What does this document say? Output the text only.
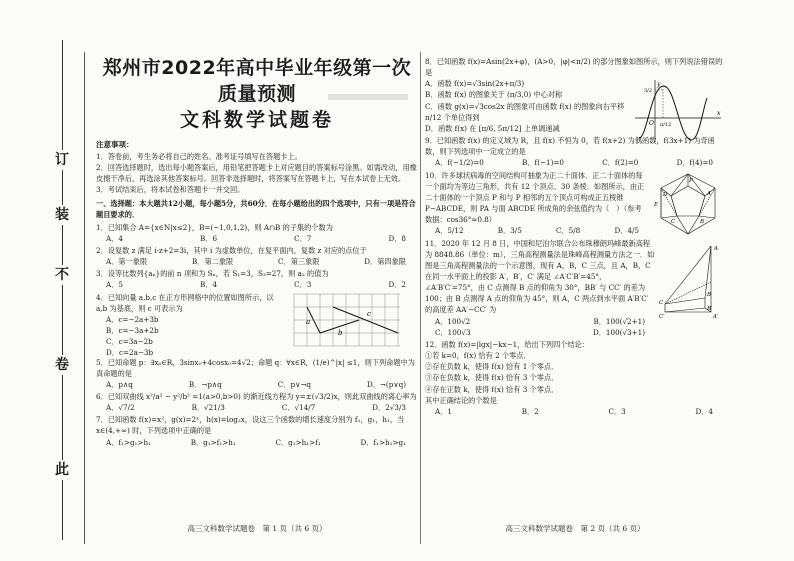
订
装
不
卷
此
郑州市2022年高中毕业年级第一次质量预测
文科数学试题卷

注意事项：

1．答卷前，考生务必将自己的姓名、准考证号填写在答题卡上。

2．回答选择题时，选出每小题答案后，用铅笔把答题卡上对应题目的答案标号涂黑。如需改动，用橡皮擦干净后，再选涂其他答案标号。回答非选择题时，将答案写在答题卡上，写在本试卷上无效。

3．考试结束后，将本试卷和答题卡一并交回。

一、选择题：本大题共12小题，每小题5分，共60分．在每小题给出的四个选项中，只有一项是符合题目要求的．

1．已知集合 A={x∈N|x≤2}，B=(−1,0,1,2)，则 A∩B 的子集的个数为

A．4	B．6	C．7	D．8

2．设复数 z 满足 i·z+2=3i，其中 i 为虚数单位，在复平面内，复数 z 对应的点位于

A．第一象限	B．第二象限	C．第三象限	D．第四象限

3．设等比数列{aₙ}的前 n 项和为 Sₙ，若 S₁=3，S₃=27，则 a₂ 的值为

A．5	B．4	C．3	D．2

4．已知向量 a,b,c 在正方形网格中的位置如图所示，以 a,b 为基底，则 c 可表示为

A．c=−2a+3b

B．c=−3a+2b

C．c=3a−2b

D．c=2a−3b

a
b
c

5．已知命题 p：∃x₀∈R，3sinx₀+4cosx₀=4√2；命题 q：∀x∈R，(1/e)^|x| ≤1，则下列命题中为真命题的是

A．p∧q	B．¬p∧q	C．p∨¬q	D．¬(p∨q)

6．已知双曲线 x²/a² − y²/b² =1(a>0,b>0) 的渐近线方程为 y=±(√3/2)x，则此双曲线的离心率为

A．√7/2	B．√21/3	C．√14/7	D．2√3/3

7．已知函数 f(x)=x²，g(x)=2ˣ，h(x)=log₂x，设这三个函数的增长速度分别为 f₁，g₁，h₁，当 x∈(4,+∞) 时，下列选项中正确的是

A．f₁>g₁>h₁	B．g₁>f₁>h₁	C．g₁>h₁>f₁	D．f₁>h₁>g₁
高三文科数学试题卷　第 1 页（共 6 页）

8．已知函数 f(x)=Asin(2x+φ)，(A>0，|φ|<π/2) 的部分图象如图所示，则下列说法错误的是

A．函数 f(x)=√3sin(2x+π/3)

B．函数 f(x) 的图象关于 (π/3,0) 中心对称

C．函数 g(x)=√3cos2x 的图象可由函数 f(x) 的图象向右平移 π/12 个单位得到

D．函数 f(x) 在 [π/6, 5π/12] 上单调递减

y
x
O π/12
3/2

9．已知函数 f(x) 的定义域为 R，且 f(x) 不恒为 0，若 f(x+2) 为偶函数，f(3x+1) 为奇函数，则下列选项中一定成立的是

A．f(−1/2)=0	B．f(−1)=0	C．f(2)=0	D．f(4)=0

10．许多球状病毒的空间结构可抽象为正二十面体．正二十面体的每一个面均为等边三角形，共有 12 个顶点、30 条棱．如图所示，由正二十面体的一个顶点 P 和与 P 相邻的五个顶点可构成正五棱锥 P−ABCDE，则 PA 与面 ABCDE 所成角的余弦值约为（　）（参考数据：cos36°≈0.8）

A．5/12	B．3/5	C．5/8	D．4/5
P
A
B
C
D
E

11．2020 年 12 月 8 日，中国和尼泊尔联合公布珠穆朗玛峰最新高程为 8848.86（单位：m），三角高程测量法是珠峰高程测量方法之一．如图是三角高程测量法的一个示意图，现有 A，B，C 三点，且 A，B，C 在同一水平面上的投影 A′，B′，C′ 满足 ∠A′C′B′=45°，∠A′B′C′=75°，由 C 点测得 B 点的仰角为 30°，BB′ 与 CC′ 的差为 100；由 B 点测得 A 点的仰角为 45°，则 A，C 两点到水平面 A′B′C′ 的高度差 AA′−CC′ 为

A．100√2	B．100(√2+1)
C．100√3	D．100(√3+1)
A
B
C
A′
B′
C′

12．函数 f(x)=|lgx|−kx−1，给出下列四个结论：

①若 k=0，f(x) 恰有 2 个零点．

②存在负数 k，使得 f(x) 恰有 1 个零点．

③存在负数 k，使得 f(x) 恰有 3 个零点．

④存在正数 k，使得 f(x) 恰有 3 个零点．

其中正确结论的个数是

A．1	B．2	C．3	D．4
高三文科数学试题卷　第 2 页（共 6 页）
